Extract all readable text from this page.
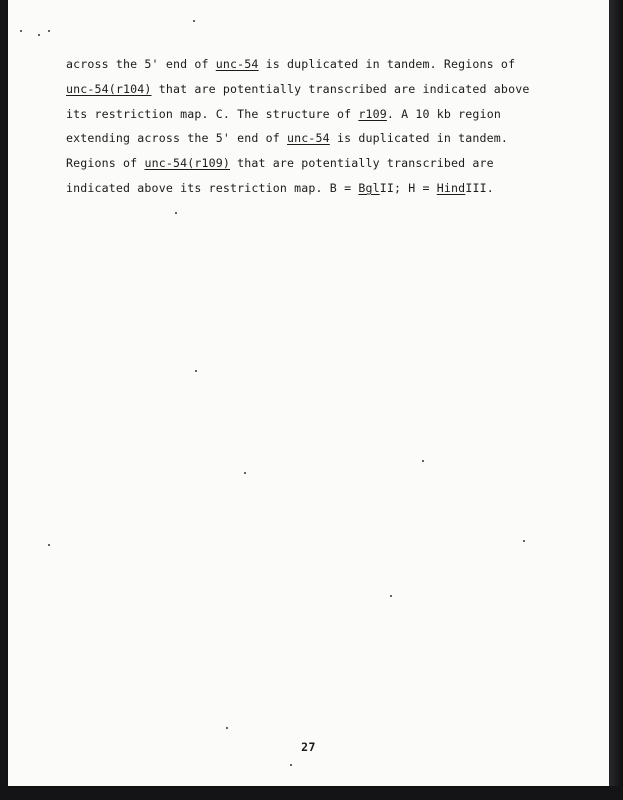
across the 5' end of unc-54 is duplicated in tandem. Regions of
unc-54(r104) that are potentially transcribed are indicated above
its restriction map. C. The structure of r109. A 10 kb region
extending across the 5' end of unc-54 is duplicated in tandem.
Regions of unc-54(r109) that are potentially transcribed are
indicated above its restriction map. B = BglII; H = HindIII.
27
